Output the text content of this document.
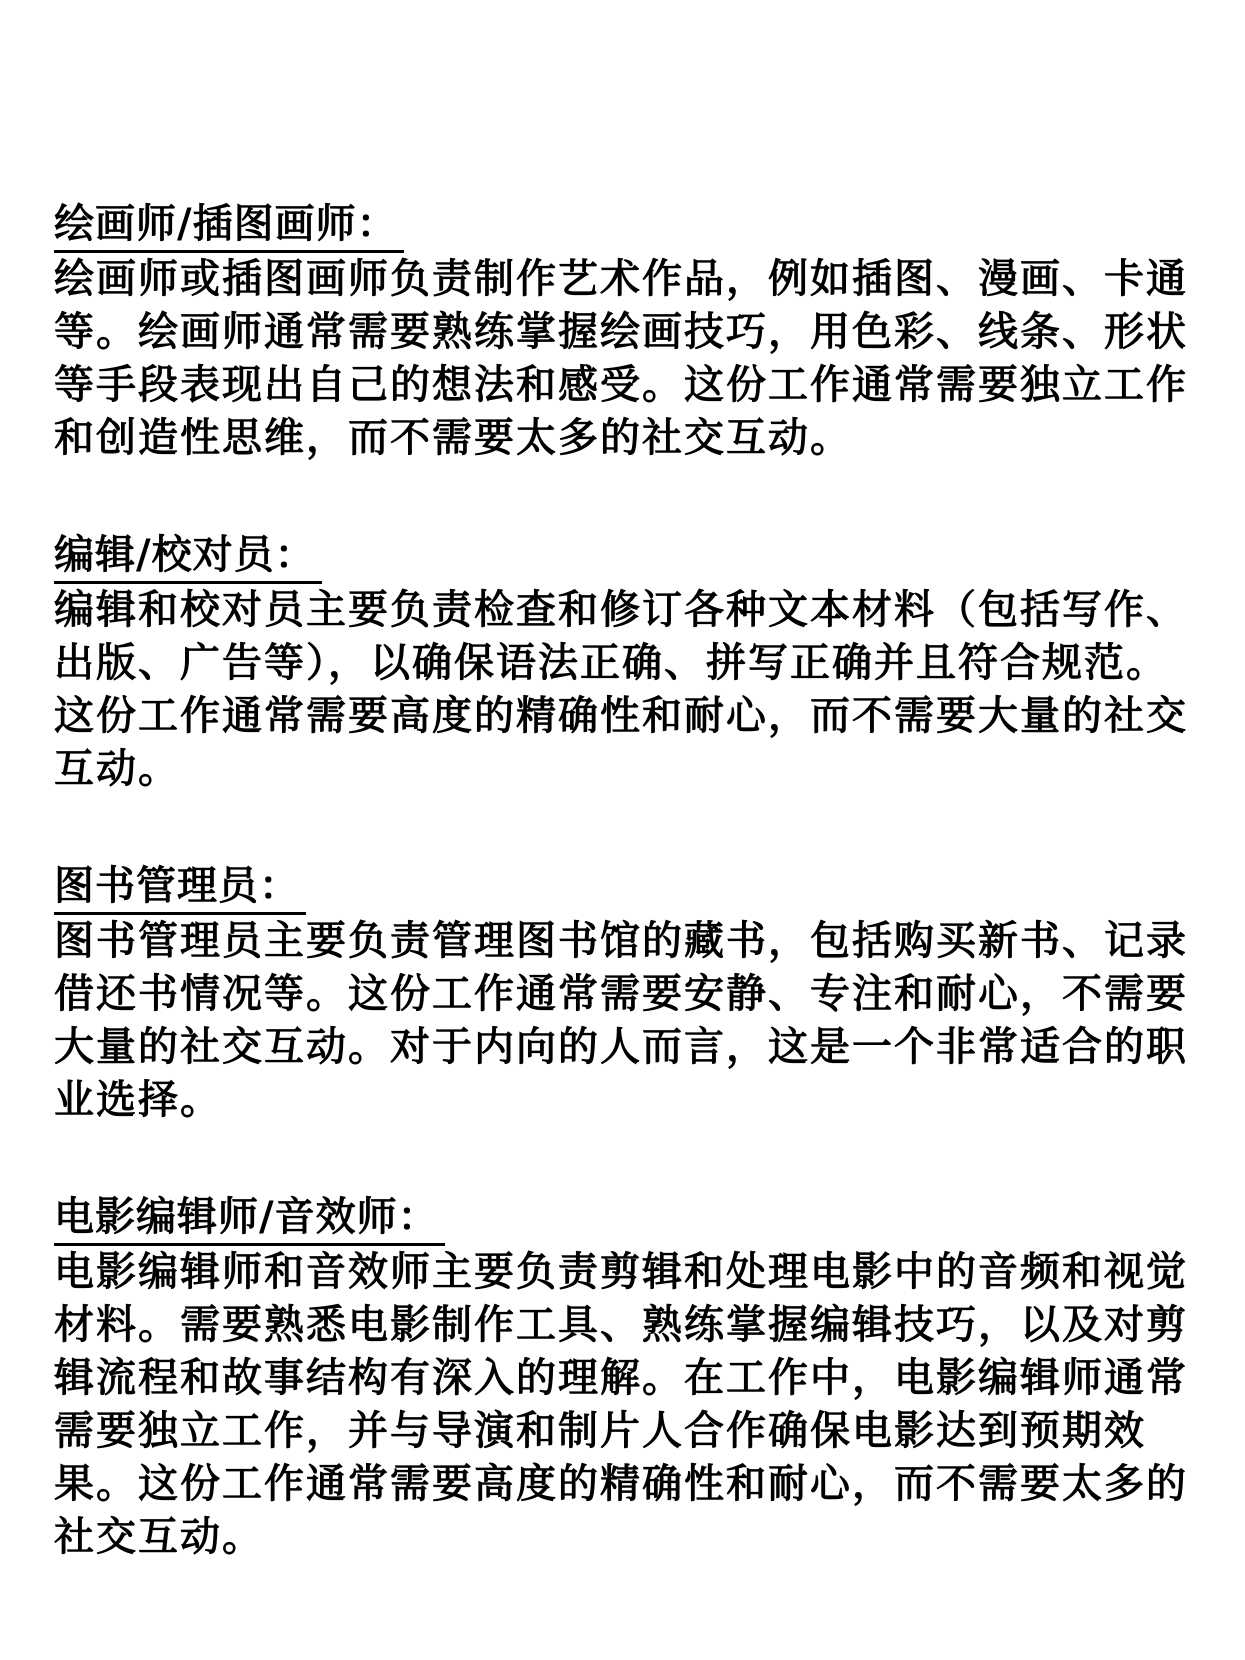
绘画师/插图画师：

绘画师或插图画师负责制作艺术作品，例如插图、漫画、卡通等。绘画师通常需要熟练掌握绘画技巧，用色彩、线条、形状等手段表现出自己的想法和感受。这份工作通常需要独立工作和创造性思维，而不需要太多的社交互动。

编辑/校对员：

编辑和校对员主要负责检查和修订各种文本材料（包括写作、出版、广告等），以确保语法正确、拼写正确并且符合规范。这份工作通常需要高度的精确性和耐心，而不需要大量的社交互动。

图书管理员：

图书管理员主要负责管理图书馆的藏书，包括购买新书、记录借还书情况等。这份工作通常需要安静、专注和耐心，不需要大量的社交互动。对于内向的人而言，这是一个非常适合的职业选择。

电影编辑师/音效师：

电影编辑师和音效师主要负责剪辑和处理电影中的音频和视觉材料。需要熟悉电影制作工具、熟练掌握编辑技巧，以及对剪辑流程和故事结构有深入的理解。在工作中，电影编辑师通常需要独立工作，并与导演和制片人合作确保电影达到预期效果。这份工作通常需要高度的精确性和耐心，而不需要太多的社交互动。
